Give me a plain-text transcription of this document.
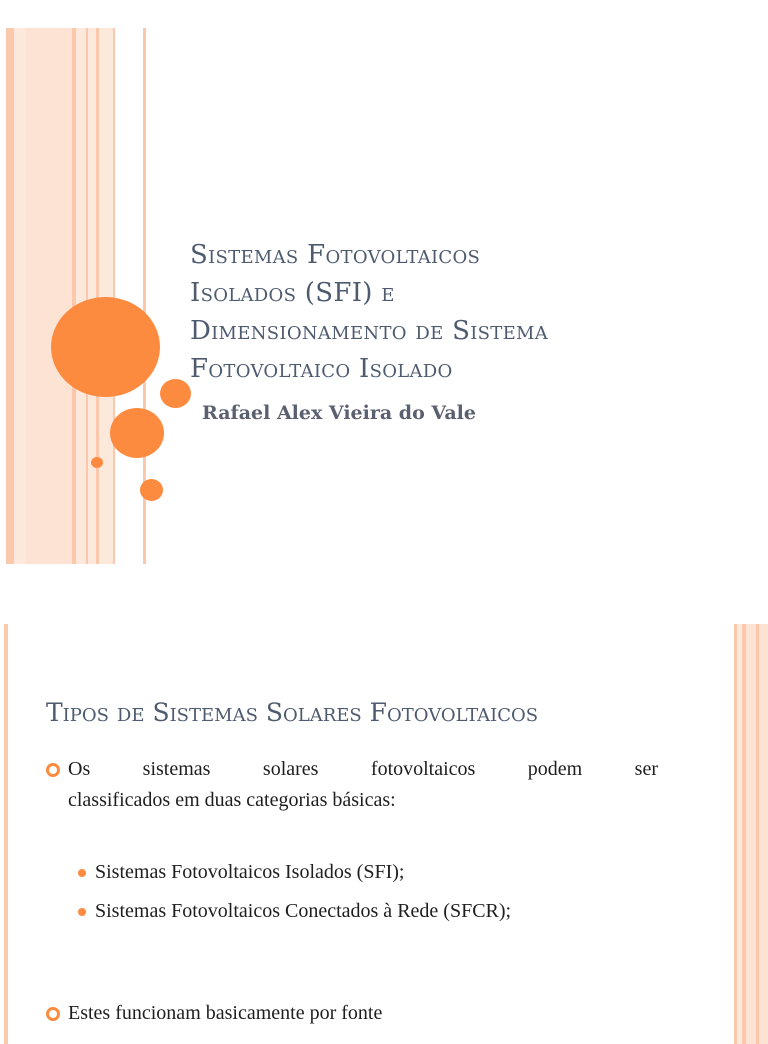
Sistemas Fotovoltaicos
Isolados (SFI) e
Dimensionamento de Sistema
Fotovoltaico Isolado

Rafael Alex Vieira do Vale

Tipos de Sistemas Solares Fotovoltaicos
Os sistemas solares fotovoltaicos podem ser
classificados em duas categorias básicas:
Sistemas Fotovoltaicos Isolados (SFI);
Sistemas Fotovoltaicos Conectados à Rede (SFCR);
Estes funcionam basicamente por fonte
